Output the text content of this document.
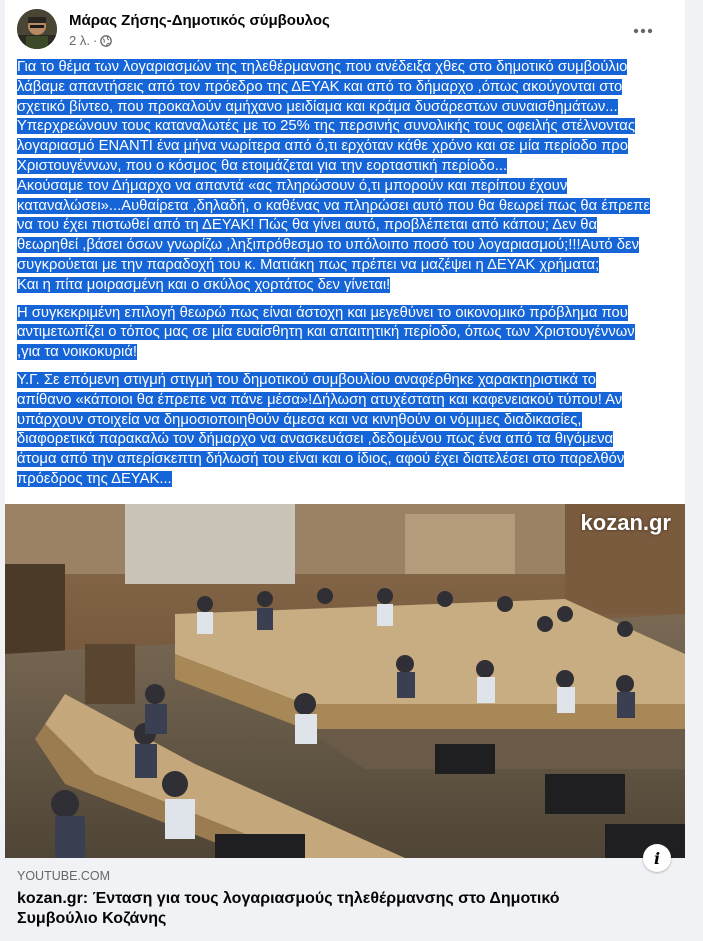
Μάρας Ζήσης-Δημοτικός σύμβουλος
2 λ. ·

Για το θέμα των λογαριασμών της τηλεθέρμανσης που ανέδειξα χθες στο δημοτικό συμβούλιο

λάβαμε απαντήσεις από τον πρόεδρο της ΔΕΥΑΚ και από το δήμαρχο ,όπως ακούγονται στο

σχετικό βίντεο, που προκαλούν αμήχανο μειδίαμα και κράμα δυσάρεστων συναισθημάτων...

Υπερχρεώνουν τους καταναλωτές με το 25% της περσινής συνολικής τους οφειλής στέλνοντας

λογαριασμό ΕΝΑΝΤΙ ένα μήνα νωρίτερα από ό,τι ερχόταν κάθε χρόνο και σε μία περίοδο προ

Χριστουγέννων, που ο κόσμος θα ετοιμάζεται για την εορταστική περίοδο...

Ακούσαμε τον Δήμαρχο να απαντά «ας πληρώσουν ό,τι μπορούν και περίπου έχουν

καταναλώσει»...Αυθαίρετα ,δηλαδή, ο καθένας να πληρώσει αυτό που θα θεωρεί πως θα έπρεπε

να του έχει πιστωθεί από τη ΔΕΥΑΚ! Πώς θα γίνει αυτό, προβλέπεται από κάπου; Δεν θα

θεωρηθεί ,βάσει όσων γνωρίζω ,ληξιπρόθεσμο το υπόλοιπο ποσό του λογαριασμού;!!!Αυτό δεν

συγκρούεται με την παραδοχή του κ. Ματιάκη πως πρέπει να μαζέψει η ΔΕΥΑΚ χρήματα;

Και η πίτα μοιρασμένη και ο σκύλος χορτάτος δεν γίνεται!

Η συγκεκριμένη επιλογή θεωρώ πως είναι άστοχη και μεγεθύνει το οικονομικό πρόβλημα που

αντιμετωπίζει ο τόπος μας σε μία ευαίσθητη και απαιτητική περίοδο, όπως των Χριστουγέννων

,για τα νοικοκυριά!

Υ.Γ. Σε επόμενη στιγμή στιγμή του δημοτικού συμβουλίου αναφέρθηκε χαρακτηριστικά το

απίθανο «κάποιοι θα έπρεπε να πάνε μέσα»!Δήλωση ατυχέστατη και καφενειακού τύπου! Αν

υπάρχουν στοιχεία να δημοσιοποιηθούν άμεσα και να κινηθούν οι νόμιμες διαδικασίες,

διαφορετικά παρακαλώ τον δήμαρχο να ανασκευάσει ,δεδομένου πως ένα από τα θιγόμενα

άτομα από την απερίσκεπτη δήλωσή του είναι και ο ίδιος, αφού έχει διατελέσει στο παρελθόν

πρόεδρος της ΔΕΥΑΚ...

kozan.gr
i
YOUTUBE.COM
kozan.gr: Ένταση για τους λογαριασμούς τηλεθέρμανσης στο Δημοτικό
Συμβούλιο Κοζάνης
